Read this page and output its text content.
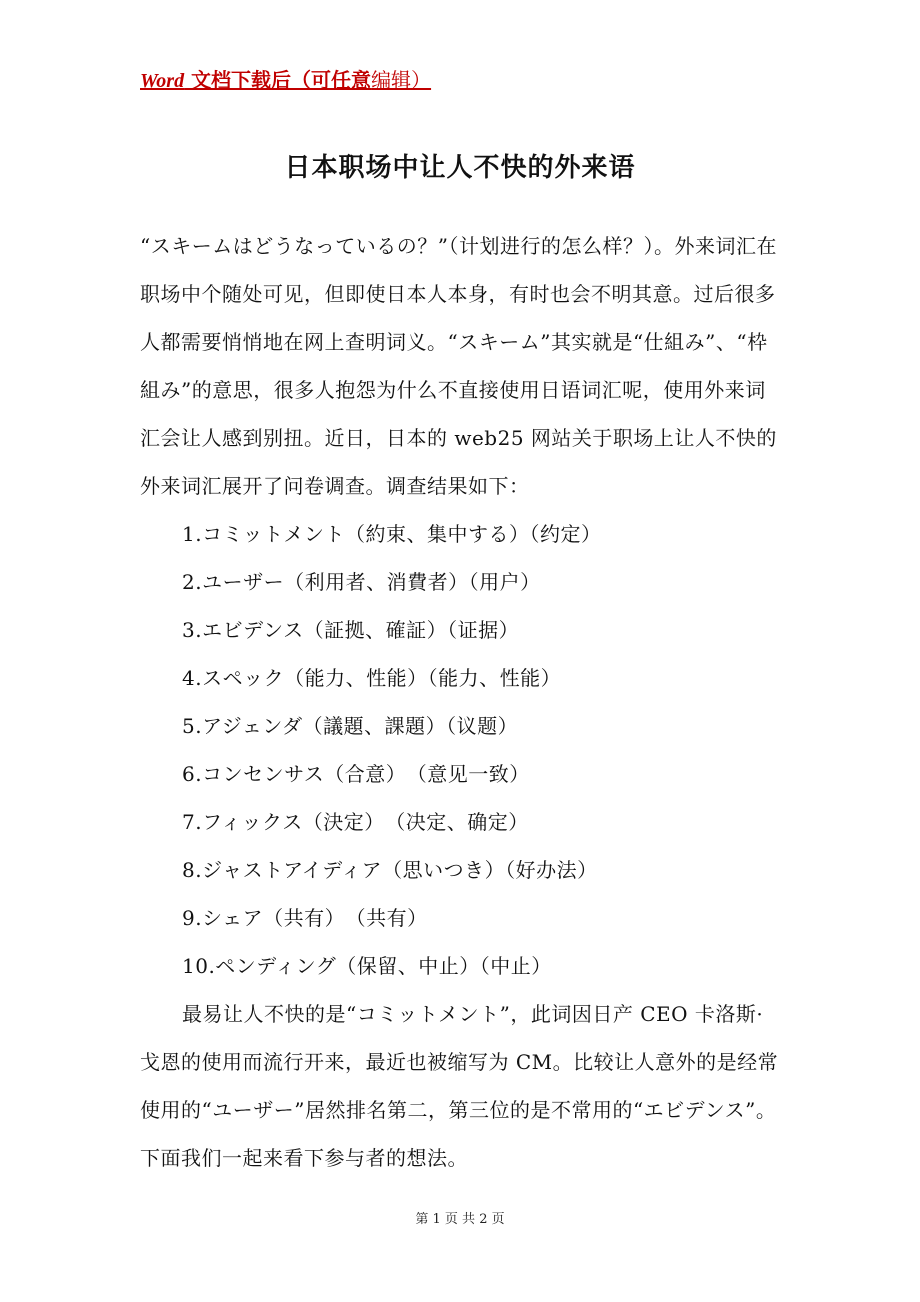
Word 文档下载后（可任意编辑）
日本职场中让人不快的外来语

“スキームはどうなっているの？”（计划进行的怎么样？）。外来词汇在职场中个随处可见，但即使日本人本身，有时也会不明其意。过后很多人都需要悄悄地在网上查明词义。“スキーム”其实就是“仕組み”、“枠組み”的意思，很多人抱怨为什么不直接使用日语词汇呢，使用外来词汇会让人感到别扭。近日，日本的 web25 网站关于职场上让人不快的外来词汇展开了问卷调查。调查结果如下：

1.コミットメント（約束、集中する）（约定）
2.ユーザー（利用者、消費者）（用户）
3.エビデンス（証拠、確証）（证据）
4.スペック（能力、性能）（能力、性能）
5.アジェンダ（議題、課題）（议题）
6.コンセンサス（合意）　（意见一致）
7.フィックス（決定）　（决定、确定）
8.ジャストアイディア（思いつき）（好办法）
9.シェア（共有）　（共有）
10.ペンディング（保留、中止）（中止）

最易让人不快的是“コミットメント”，此词因日产 CEO 卡洛斯·戈恩的使用而流行开来，最近也被缩写为 CM。比较让人意外的是经常使用的“ユーザー”居然排名第二，第三位的是不常用的“エビデンス”。下面我们一起来看下参与者的想法。

第 1 页 共 2 页
